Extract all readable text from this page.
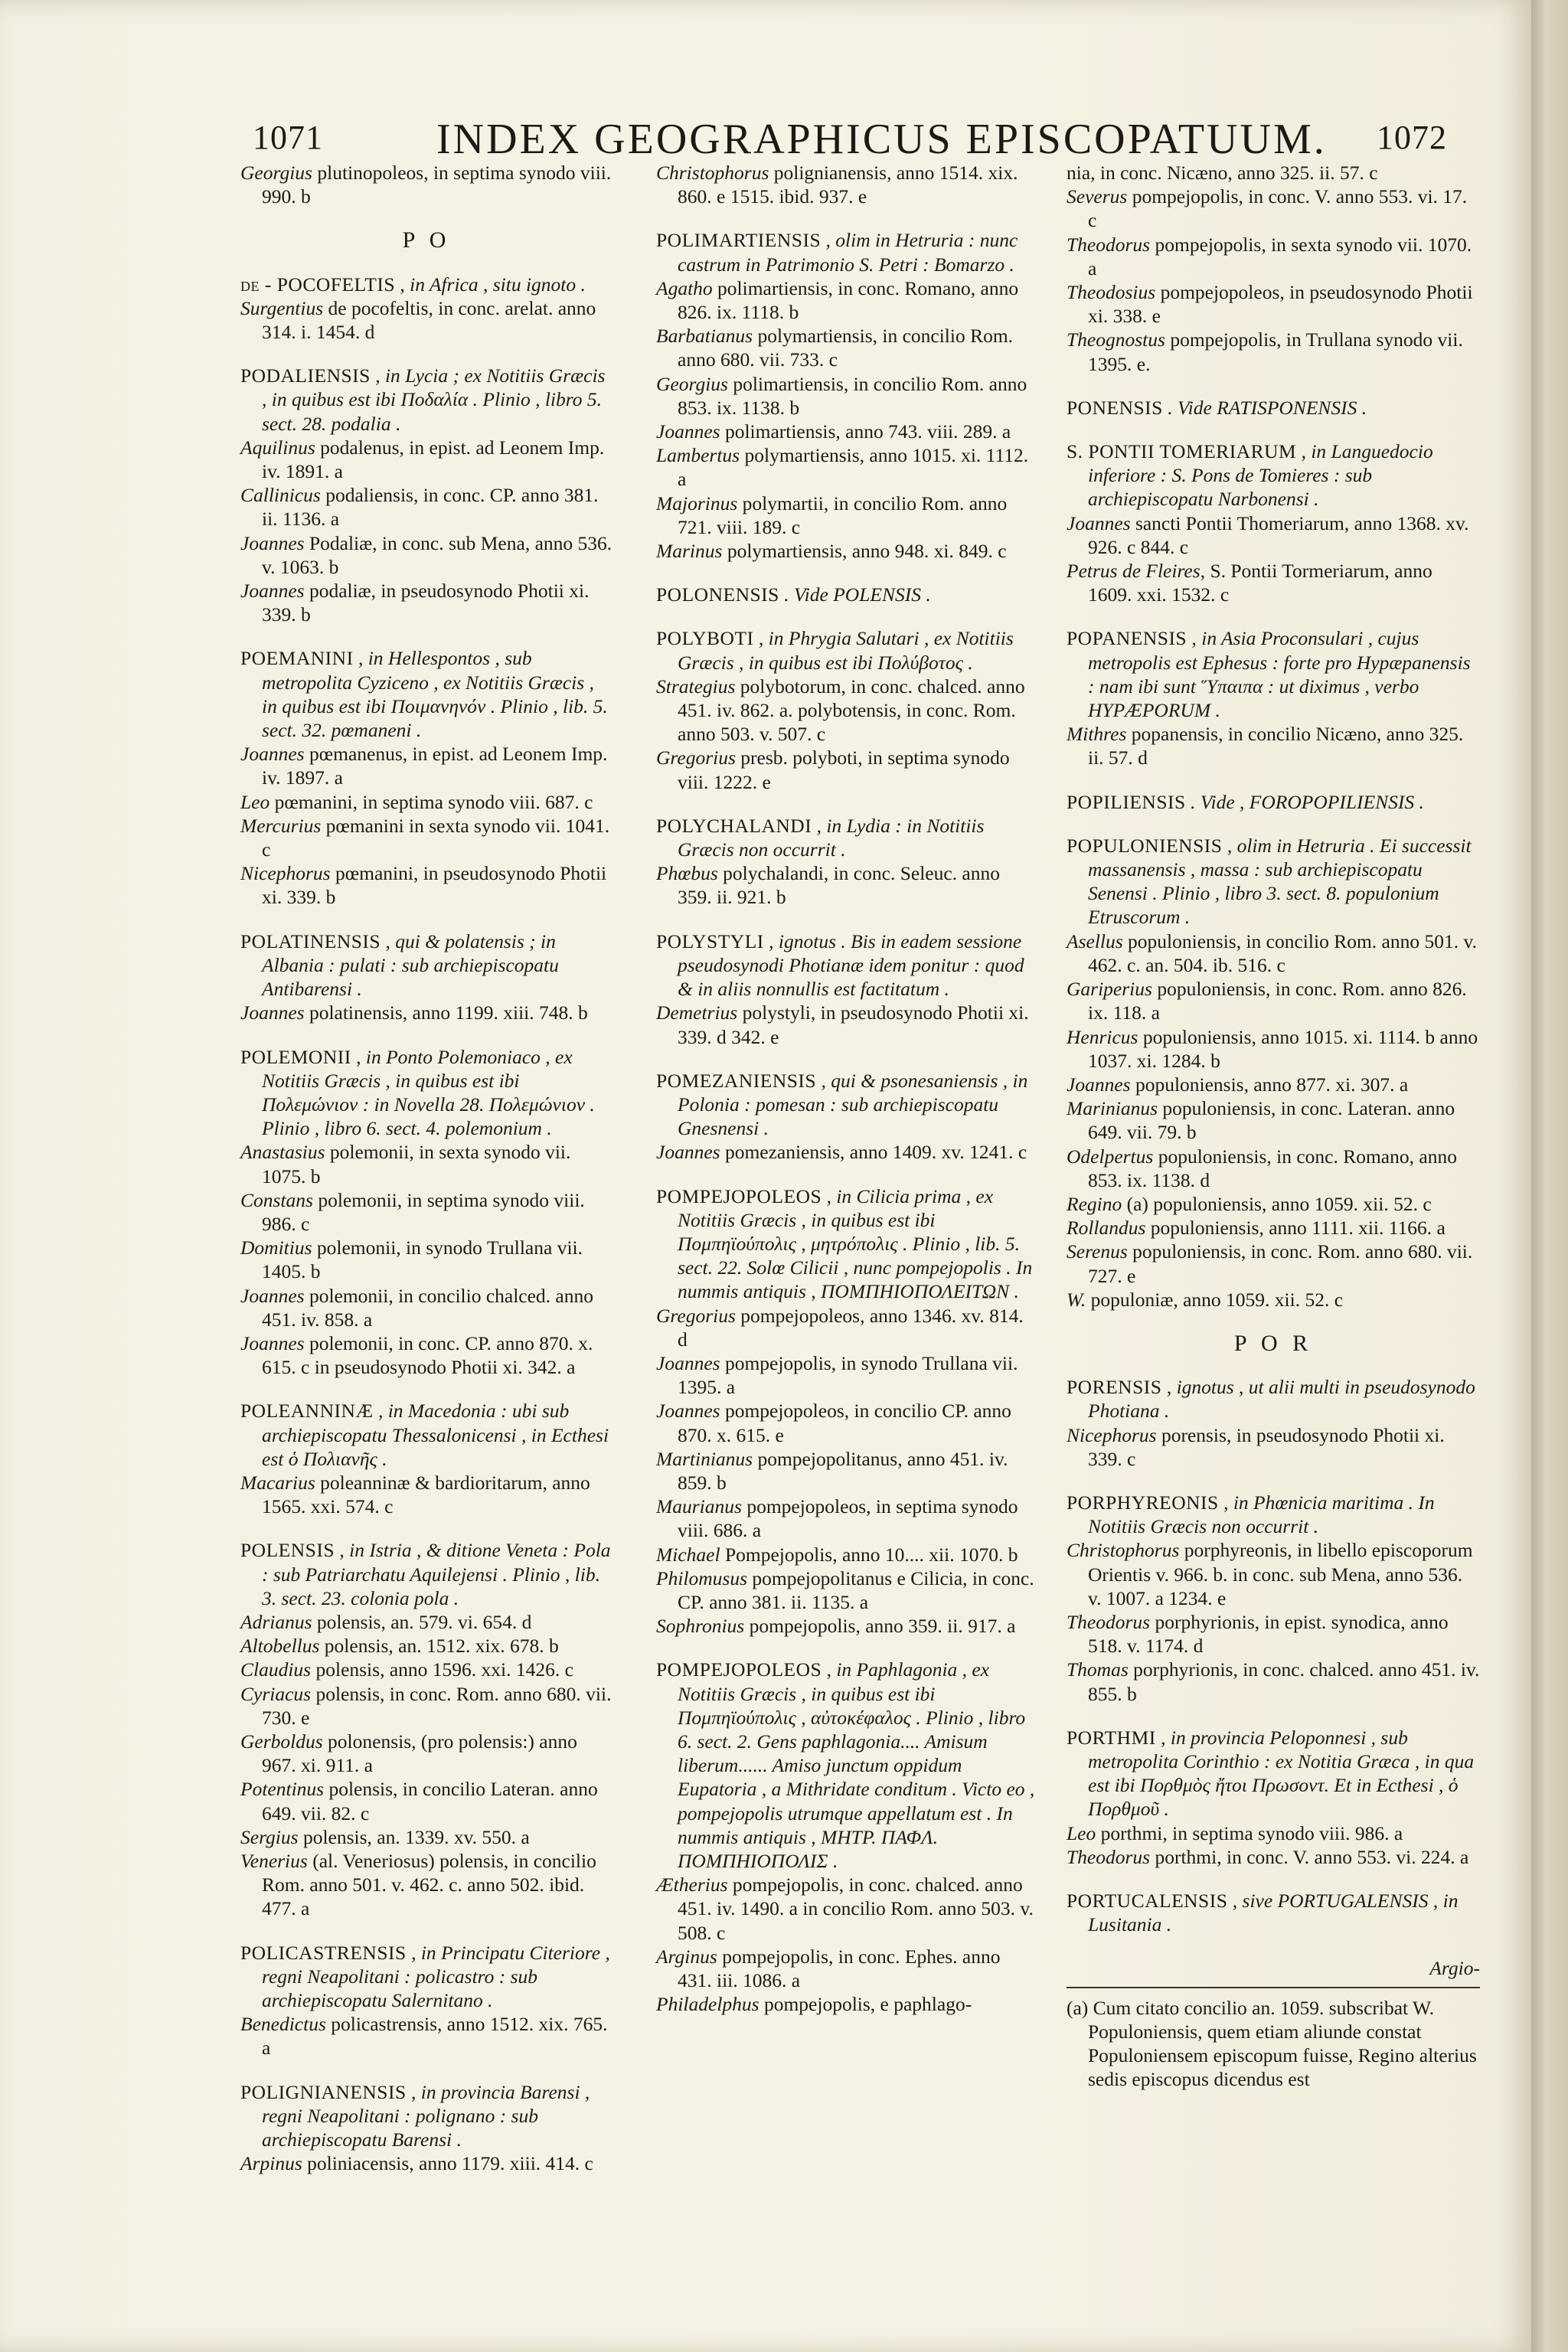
1071	INDEX GEOGRAPHICUS EPISCOPATUUM. 1072

Georgius plutinopoleos, in septima synodo viii. 990. b

P O

de - POCOFELTIS , in Africa , situ ignoto .

Surgentius de pocofeltis, in conc. arelat. anno 314. i. 1454. d

PODALIENSIS , in Lycia ; ex Notitiis Græcis , in quibus est ibi Ποδαλία . Plinio , libro 5. sect. 28. podalia .

Aquilinus podalenus, in epist. ad Leonem Imp. iv. 1891. a

Callinicus podaliensis, in conc. CP. anno 381. ii. 1136. a

Joannes Podaliæ, in conc. sub Mena, anno 536. v. 1063. b

Joannes podaliæ, in pseudosynodo Photii xi. 339. b

POEMANINI , in Hellespontos , sub metropolita Cyziceno , ex Notitiis Græcis , in quibus est ibi Ποιμανηνόν . Plinio , lib. 5. sect. 32. pœmaneni .

Joannes pœmanenus, in epist. ad Leonem Imp. iv. 1897. a

Leo pœmanini, in septima synodo viii. 687. c

Mercurius pœmanini in sexta synodo vii. 1041. c

Nicephorus pœmanini, in pseudosynodo Photii xi. 339. b

POLATINENSIS , qui & polatensis ; in Albania : pulati : sub archiepiscopatu Antibarensi .

Joannes polatinensis, anno 1199. xiii. 748. b

POLEMONII , in Ponto Polemoniaco , ex Notitiis Græcis , in quibus est ibi Πολεμώνιον : in Novella 28. Πολεμώνιον . Plinio , libro 6. sect. 4. polemonium .

Anastasius polemonii, in sexta synodo vii. 1075. b

Constans polemonii, in septima synodo viii. 986. c

Domitius polemonii, in synodo Trullana vii. 1405. b

Joannes polemonii, in concilio chalced. anno 451. iv. 858. a

Joannes polemonii, in conc. CP. anno 870. x. 615. c in pseudosynodo Photii xi. 342. a

POLEANNINÆ , in Macedonia : ubi sub archiepiscopatu Thessalonicensi , in Ecthesi est ὁ Πολιανῆς .

Macarius poleanninæ & bardioritarum, anno 1565. xxi. 574. c

POLENSIS , in Istria , & ditione Veneta : Pola : sub Patriarchatu Aquilejensi . Plinio , lib. 3. sect. 23. colonia pola .

Adrianus polensis, an. 579. vi. 654. d

Altobellus polensis, an. 1512. xix. 678. b

Claudius polensis, anno 1596. xxi. 1426. c

Cyriacus polensis, in conc. Rom. anno 680. vii. 730. e

Gerboldus polonensis, (pro polensis:) anno 967. xi. 911. a

Potentinus polensis, in concilio Lateran. anno 649. vii. 82. c

Sergius polensis, an. 1339. xv. 550. a

Venerius (al. Veneriosus) polensis, in concilio Rom. anno 501. v. 462. c. anno 502. ibid. 477. a

POLICASTRENSIS , in Principatu Citeriore , regni Neapolitani : policastro : sub archiepiscopatu Salernitano .

Benedictus policastrensis, anno 1512. xix. 765. a

POLIGNIANENSIS , in provincia Barensi , regni Neapolitani : polignano : sub archiepiscopatu Barensi .

Arpinus poliniacensis, anno 1179. xiii. 414. c

Christophorus polignianensis, anno 1514. xix. 860. e 1515. ibid. 937. e

POLIMARTIENSIS , olim in Hetruria : nunc castrum in Patrimonio S. Petri : Bomarzo .

Agatho polimartiensis, in conc. Romano, anno 826. ix. 1118. b

Barbatianus polymartiensis, in concilio Rom. anno 680. vii. 733. c

Georgius polimartiensis, in concilio Rom. anno 853. ix. 1138. b

Joannes polimartiensis, anno 743. viii. 289. a

Lambertus polymartiensis, anno 1015. xi. 1112. a

Majorinus polymartii, in concilio Rom. anno 721. viii. 189. c

Marinus polymartiensis, anno 948. xi. 849. c

POLONENSIS . Vide POLENSIS .

POLYBOTI , in Phrygia Salutari , ex Notitiis Græcis , in quibus est ibi Πολύβοτος .

Strategius polybotorum, in conc. chalced. anno 451. iv. 862. a. polybotensis, in conc. Rom. anno 503. v. 507. c

Gregorius presb. polyboti, in septima synodo viii. 1222. e

POLYCHALANDI , in Lydia : in Notitiis Græcis non occurrit .

Phœbus polychalandi, in conc. Seleuc. anno 359. ii. 921. b

POLYSTYLI , ignotus . Bis in eadem sessione pseudosynodi Photianæ idem ponitur : quod & in aliis nonnullis est factitatum .

Demetrius polystyli, in pseudosynodo Photii xi. 339. d 342. e

POMEZANIENSIS , qui & psonesaniensis , in Polonia : pomesan : sub archiepiscopatu Gnesnensi .

Joannes pomezaniensis, anno 1409. xv. 1241. c

POMPEJOPOLEOS , in Cilicia prima , ex Notitiis Græcis , in quibus est ibi Πομπηϊούπολις , μητρόπολις . Plinio , lib. 5. sect. 22. Solœ Cilicii , nunc pompejopolis . In nummis antiquis , ΠΟΜΠΗΙΟΠΟΛΕΙΤΩΝ .

Gregorius pompejopoleos, anno 1346. xv. 814. d

Joannes pompejopolis, in synodo Trullana vii. 1395. a

Joannes pompejopoleos, in concilio CP. anno 870. x. 615. e

Martinianus pompejopolitanus, anno 451. iv. 859. b

Maurianus pompejopoleos, in septima synodo viii. 686. a

Michael Pompejopolis, anno 10.... xii. 1070. b

Philomusus pompejopolitanus e Cilicia, in conc. CP. anno 381. ii. 1135. a

Sophronius pompejopolis, anno 359. ii. 917. a

POMPEJOPOLEOS , in Paphlagonia , ex Notitiis Græcis , in quibus est ibi Πομπηϊούπολις , αὐτοκέφαλος . Plinio , libro 6. sect. 2. Gens paphlagonia.... Amisum liberum...... Amiso junctum oppidum Eupatoria , a Mithridate conditum . Victo eo , pompejopolis utrumque appellatum est . In nummis antiquis , ΜΗΤΡ. ΠΑΦΛ. ΠΟΜΠΗΙΟΠΟΛΙΣ .

Ætherius pompejopolis, in conc. chalced. anno 451. iv. 1490. a in concilio Rom. anno 503. v. 508. c

Arginus pompejopolis, in conc. Ephes. anno 431. iii. 1086. a

Philadelphus pompejopolis, e paphlago-

nia, in conc. Nicæno, anno 325. ii. 57. c

Severus pompejopolis, in conc. V. anno 553. vi. 17. c

Theodorus pompejopolis, in sexta synodo vii. 1070. a

Theodosius pompejopoleos, in pseudosynodo Photii xi. 338. e

Theognostus pompejopolis, in Trullana synodo vii. 1395. e.

PONENSIS . Vide RATISPONENSIS .

S. PONTII TOMERIARUM , in Languedocio inferiore : S. Pons de Tomieres : sub archiepiscopatu Narbonensi .

Joannes sancti Pontii Thomeriarum, anno 1368. xv. 926. c 844. c

Petrus de Fleires, S. Pontii Tormeriarum, anno 1609. xxi. 1532. c

POPANENSIS , in Asia Proconsulari , cujus metropolis est Ephesus : forte pro Hypæpanensis : nam ibi sunt Ὕπαιπα : ut diximus , verbo HYPÆPORUM .

Mithres popanensis, in concilio Nicæno, anno 325. ii. 57. d

POPILIENSIS . Vide , FOROPOPILIENSIS .

POPULONIENSIS , olim in Hetruria . Ei successit massanensis , massa : sub archiepiscopatu Senensi . Plinio , libro 3. sect. 8. populonium Etruscorum .

Asellus populoniensis, in concilio Rom. anno 501. v. 462. c. an. 504. ib. 516. c

Gariperius populoniensis, in conc. Rom. anno 826. ix. 118. a

Henricus populoniensis, anno 1015. xi. 1114. b anno 1037. xi. 1284. b

Joannes populoniensis, anno 877. xi. 307. a

Marinianus populoniensis, in conc. Lateran. anno 649. vii. 79. b

Odelpertus populoniensis, in conc. Romano, anno 853. ix. 1138. d

Regino (a) populoniensis, anno 1059. xii. 52. c

Rollandus populoniensis, anno 1111. xii. 1166. a

Serenus populoniensis, in conc. Rom. anno 680. vii. 727. e

W. populoniæ, anno 1059. xii. 52. c

P O R

PORENSIS , ignotus , ut alii multi in pseudosynodo Photiana .

Nicephorus porensis, in pseudosynodo Photii xi. 339. c

PORPHYREONIS , in Phœnicia maritima . In Notitiis Græcis non occurrit .

Christophorus porphyreonis, in libello episcoporum Orientis v. 966. b. in conc. sub Mena, anno 536. v. 1007. a 1234. e

Theodorus porphyrionis, in epist. synodica, anno 518. v. 1174. d

Thomas porphyrionis, in conc. chalced. anno 451. iv. 855. b

PORTHMI , in provincia Peloponnesi , sub metropolita Corinthio : ex Notitia Græca , in qua est ibi Πορθμὸς ἤτοι Πρωσοντ. Et in Ecthesi , ὁ Πορθμοῦ .

Leo porthmi, in septima synodo viii. 986. a

Theodorus porthmi, in conc. V. anno 553. vi. 224. a

PORTUCALENSIS , sive PORTUGALENSIS , in Lusitania .

Argio-

(a) Cum citato concilio an. 1059. subscribat W. Populoniensis, quem etiam aliunde constat Populoniensem episcopum fuisse, Regino alterius sedis episcopus dicendus est
